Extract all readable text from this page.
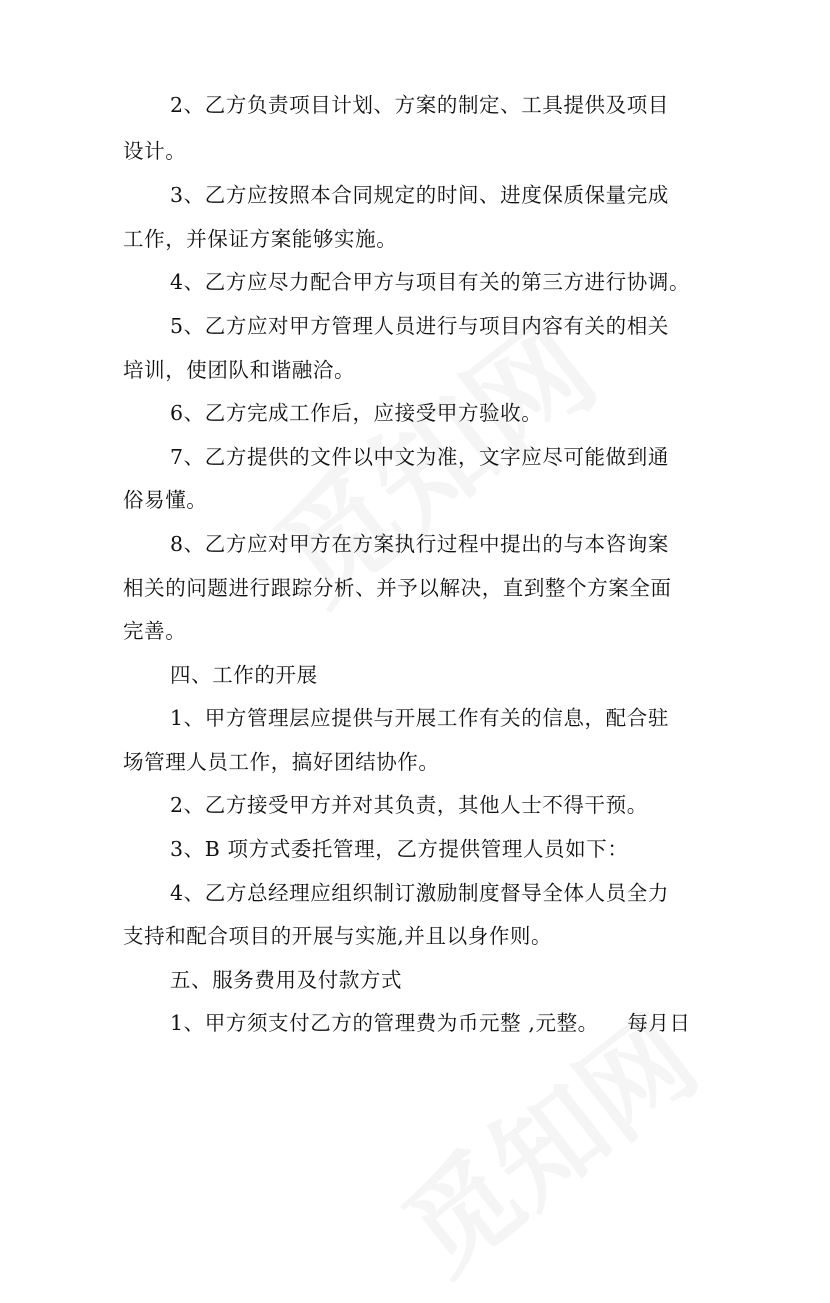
2、乙方负责项目计划、方案的制定、工具提供及项目
设计。
3、乙方应按照本合同规定的时间、进度保质保量完成
工作，并保证方案能够实施。
4、乙方应尽力配合甲方与项目有关的第三方进行协调。
5、乙方应对甲方管理人员进行与项目内容有关的相关
培训，使团队和谐融洽。
6、乙方完成工作后，应接受甲方验收。
7、乙方提供的文件以中文为准，文字应尽可能做到通
俗易懂。
8、乙方应对甲方在方案执行过程中提出的与本咨询案
相关的问题进行跟踪分析、并予以解决，直到整个方案全面
完善。
四、工作的开展
1、甲方管理层应提供与开展工作有关的信息，配合驻
场管理人员工作，搞好团结协作。
2、乙方接受甲方并对其负责，其他人士不得干预。
3、B 项方式委托管理，乙方提供管理人员如下：
4、乙方总经理应组织制订激励制度督导全体人员全力
支持和配合项目的开展与实施,并且以身作则。
五、服务费用及付款方式
1、甲方须支付乙方的管理费为币元整 ,元整。    每月日
